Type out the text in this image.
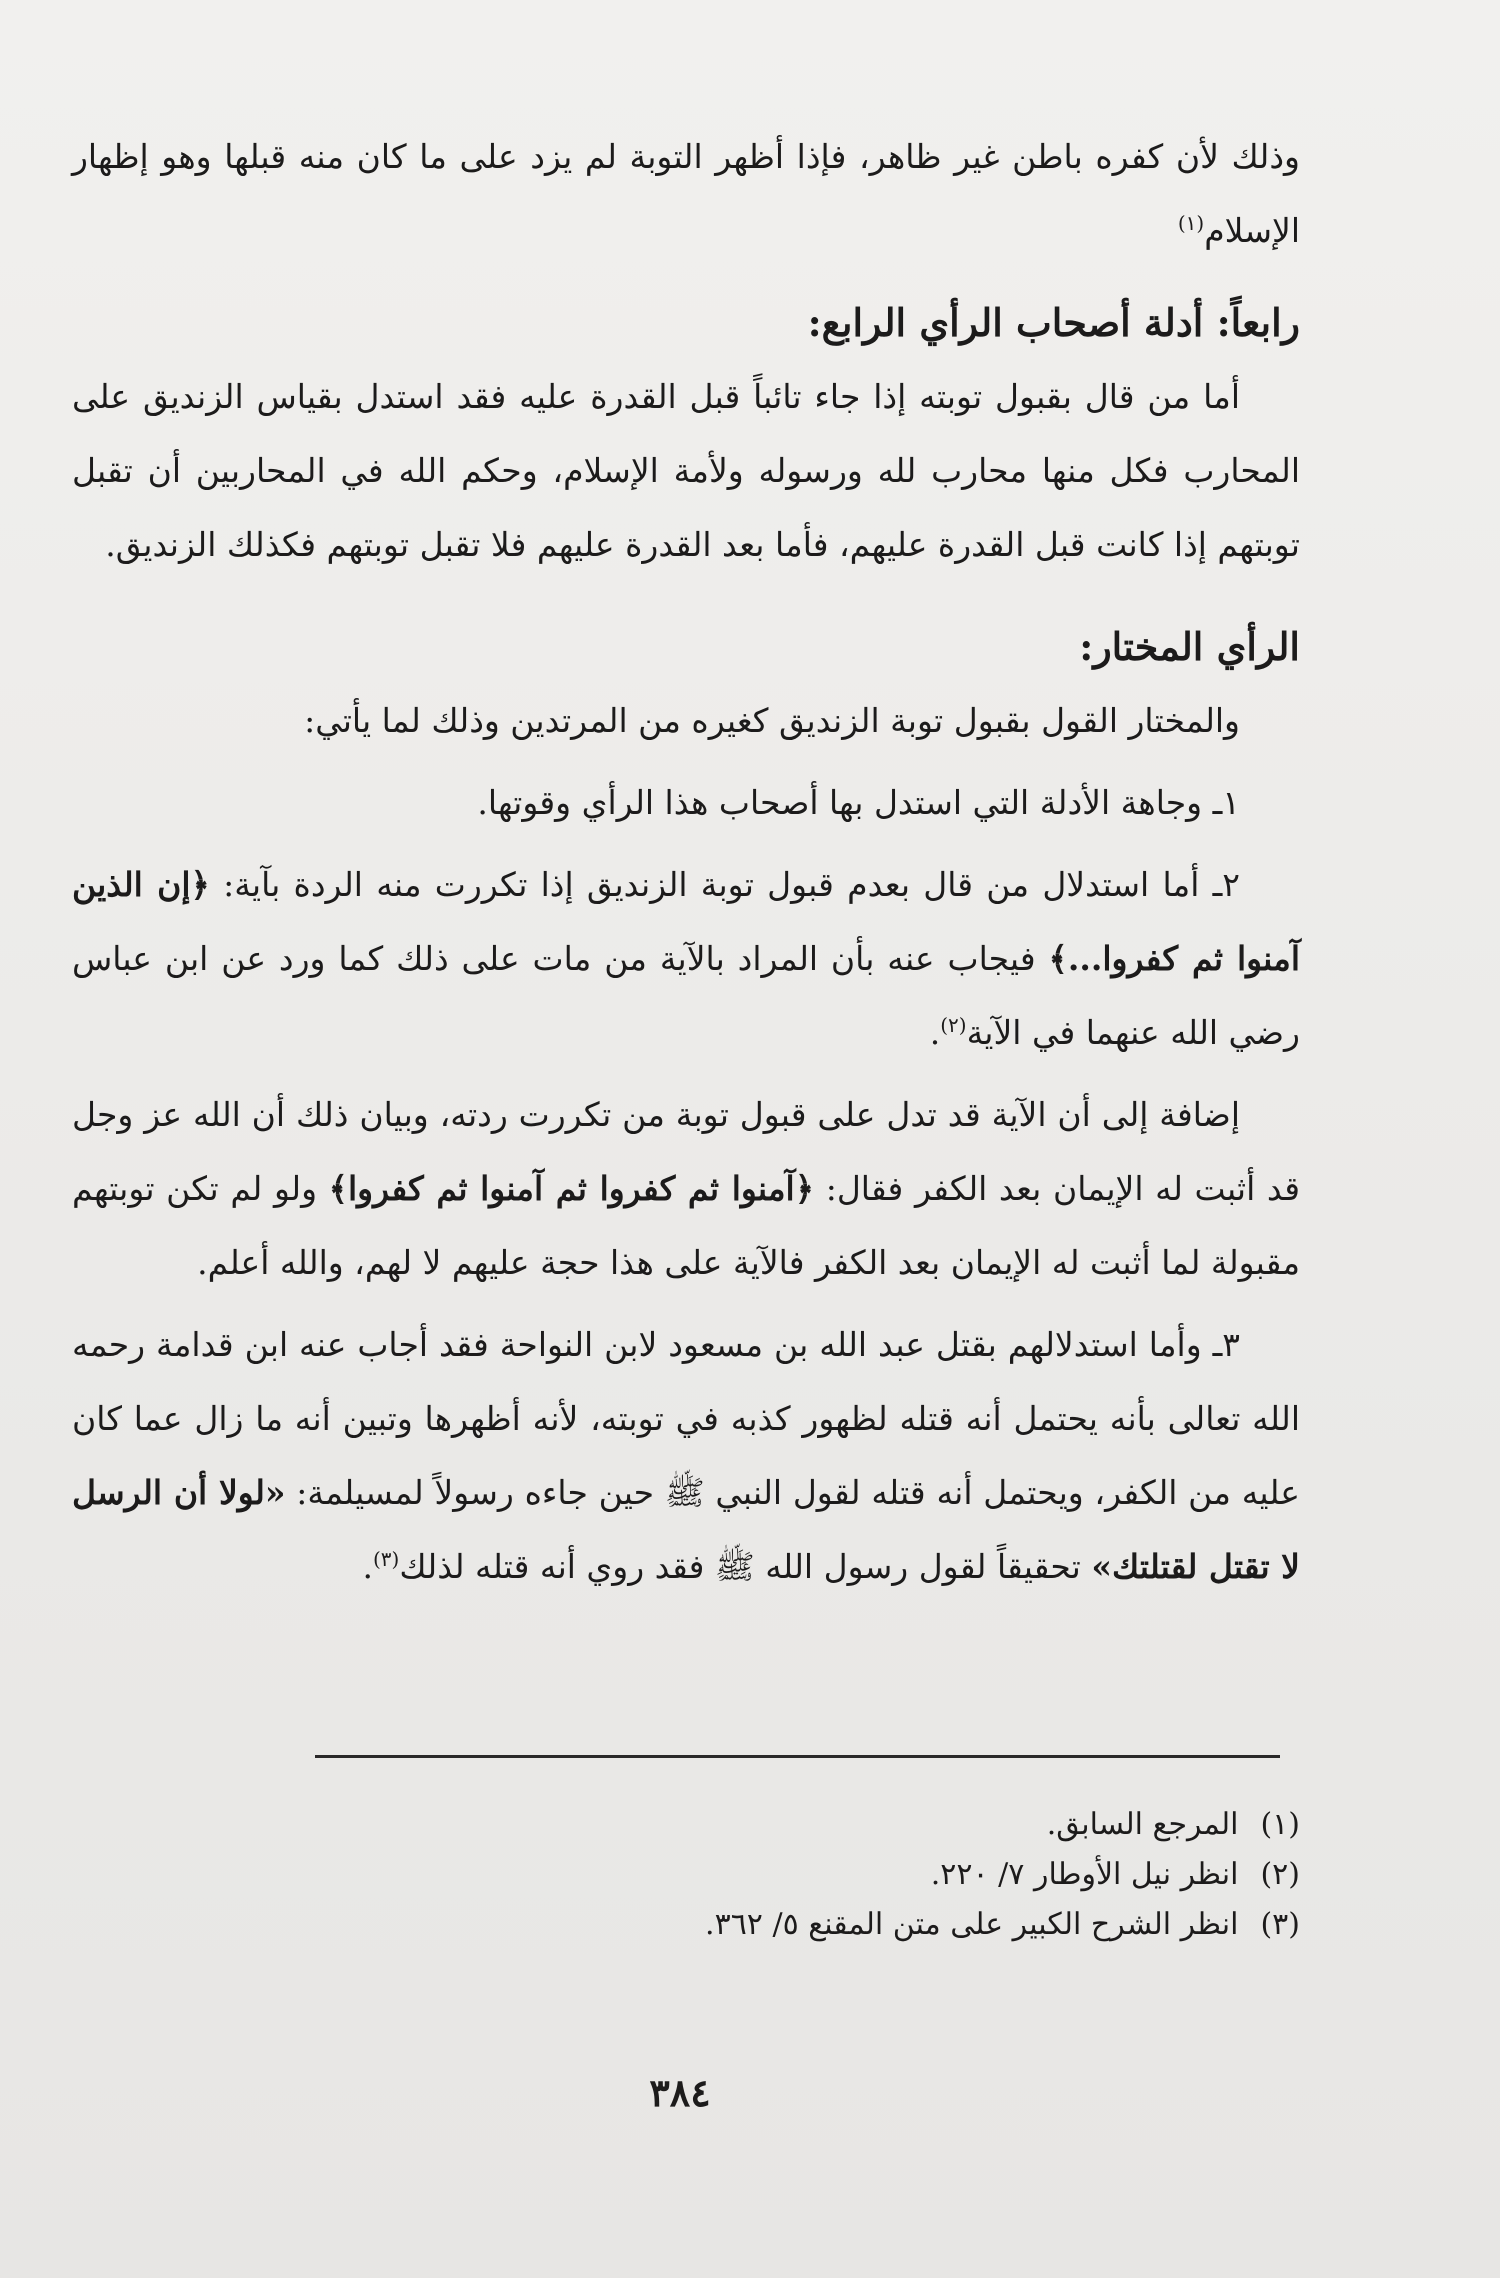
وذلك لأن كفره باطن غير ظاهر، فإذا أظهر التوبة لم يزد على ما كان منه قبلها وهو إظهار الإسلام$^{(١)}$

رابعاً: أدلة أصحاب الرأي الرابع:

أما من قال بقبول توبته إذا جاء تائباً قبل القدرة عليه فقد استدل بقياس الزنديق على المحارب فكل منها محارب لله ورسوله ولأمة الإسلام، وحكم الله في المحاربين أن تقبل توبتهم إذا كانت قبل القدرة عليهم، فأما بعد القدرة عليهم فلا تقبل توبتهم فكذلك الزنديق.

الرأي المختار:

والمختار القول بقبول توبة الزنديق كغيره من المرتدين وذلك لما يأتي:

١ـ وجاهة الأدلة التي استدل بها أصحاب هذا الرأي وقوتها.

٢ـ أما استدلال من قال بعدم قبول توبة الزنديق إذا تكررت منه الردة بآية: ﴿إن الذين آمنوا ثم كفروا...﴾ فيجاب عنه بأن المراد بالآية من مات على ذلك كما ورد عن ابن عباس رضي الله عنهما في الآية$^{(٢)}$.

إضافة إلى أن الآية قد تدل على قبول توبة من تكررت ردته، وبيان ذلك أن الله عز وجل قد أثبت له الإيمان بعد الكفر فقال: ﴿آمنوا ثم كفروا ثم آمنوا ثم كفروا﴾ ولو لم تكن توبتهم مقبولة لما أثبت له الإيمان بعد الكفر فالآية على هذا حجة عليهم لا لهم، والله أعلم.

٣ـ وأما استدلالهم بقتل عبد الله بن مسعود لابن النواحة فقد أجاب عنه ابن قدامة رحمه الله تعالى بأنه يحتمل أنه قتله لظهور كذبه في توبته، لأنه أظهرها وتبين أنه ما زال عما كان عليه من الكفر، ويحتمل أنه قتله لقول النبي ﷺ حين جاءه رسولاً لمسيلمة: «لولا أن الرسل لا تقتل لقتلتك» تحقيقاً لقول رسول الله ﷺ فقد روي أنه قتله لذلك$^{(٣)}$.

(١)
المرجع السابق.
(٢)
انظر نيل الأوطار ٧/ ٢٢٠.
(٣)
انظر الشرح الكبير على متن المقنع ٥/ ٣٦٢.
٣٨٤
